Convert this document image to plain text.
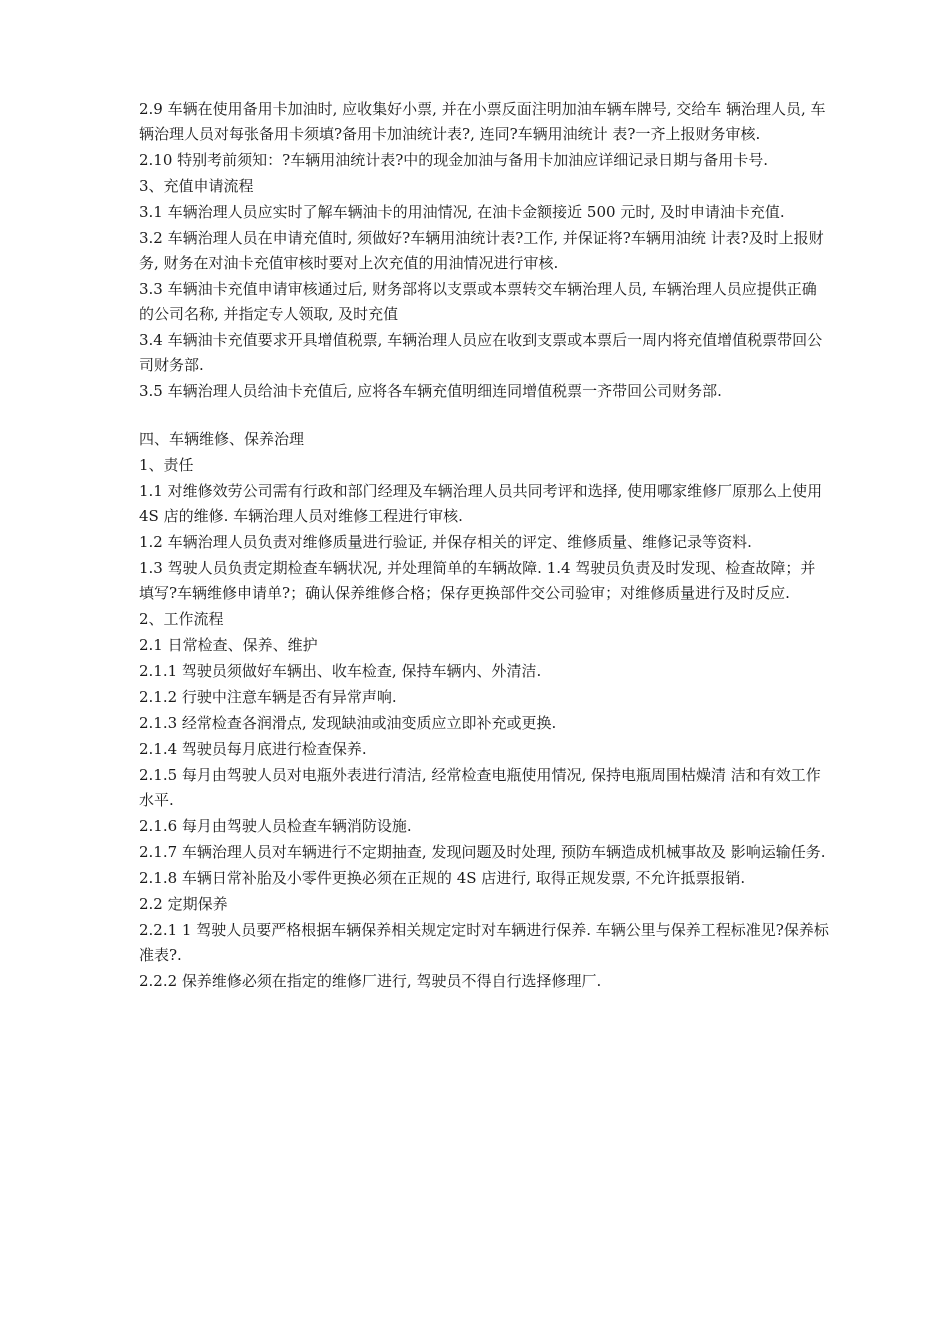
2.9 车辆在使用备用卡加油时, 应收集好小票, 并在小票反面注明加油车辆车牌号, 交给车 辆治理人员, 车辆治理人员对每张备用卡须填?备用卡加油统计表?, 连同?车辆用油统计 表?一齐上报财务审核.

2.10 特别考前须知：?车辆用油统计表?中的现金加油与备用卡加油应详细记录日期与备用卡号.

3、充值申请流程

3.1 车辆治理人员应实时了解车辆油卡的用油情况, 在油卡金额接近 500 元时, 及时申请油卡充值.

3.2 车辆治理人员在申请充值时, 须做好?车辆用油统计表?工作, 并保证将?车辆用油统 计表?及时上报财务, 财务在对油卡充值审核时要对上次充值的用油情况进行审核.

3.3 车辆油卡充值申请审核通过后, 财务部将以支票或本票转交车辆治理人员, 车辆治理人员应提供正确的公司名称, 并指定专人领取, 及时充值

3.4 车辆油卡充值要求开具增值税票, 车辆治理人员应在收到支票或本票后一周内将充值增值税票带回公司财务部.

3.5 车辆治理人员给油卡充值后, 应将各车辆充值明细连同增值税票一齐带回公司财务部.

四、车辆维修、保养治理

1、责任

1.1 对维修效劳公司需有行政和部门经理及车辆治理人员共同考评和选择, 使用哪家维修厂原那么上使用 4S 店的维修. 车辆治理人员对维修工程进行审核.

1.2 车辆治理人员负责对维修质量进行验证, 并保存相关的评定、维修质量、维修记录等资料.

1.3 驾驶人员负责定期检查车辆状况, 并处理简单的车辆故障. 1.4 驾驶员负责及时发现、检查故障；并填写?车辆维修申请单?；确认保养维修合格；保存更换部件交公司验审；对维修质量进行及时反应.

2、工作流程

2.1 日常检查、保养、维护

2.1.1 驾驶员须做好车辆出、收车检查, 保持车辆内、外清洁.

2.1.2 行驶中注意车辆是否有异常声响.

2.1.3 经常检查各润滑点, 发现缺油或油变质应立即补充或更换.

2.1.4 驾驶员每月底进行检查保养.

2.1.5 每月由驾驶人员对电瓶外表进行清洁, 经常检查电瓶使用情况, 保持电瓶周围枯燥清 洁和有效工作水平.

2.1.6 每月由驾驶人员检查车辆消防设施.

2.1.7 车辆治理人员对车辆进行不定期抽查, 发现问题及时处理, 预防车辆造成机械事故及 影响运输任务.

2.1.8 车辆日常补胎及小零件更换必须在正规的 4S 店进行, 取得正规发票, 不允许抵票报销.

2.2 定期保养

2.2.1 1 驾驶人员要严格根据车辆保养相关规定定时对车辆进行保养. 车辆公里与保养工程标准见?保养标准表?.

2.2.2 保养维修必须在指定的维修厂进行, 驾驶员不得自行选择修理厂.
